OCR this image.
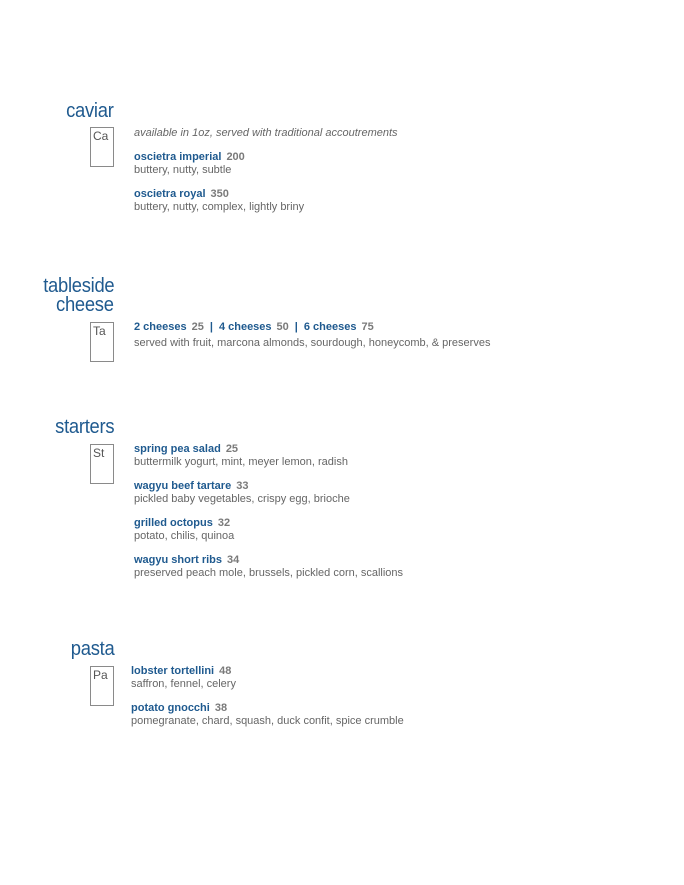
caviar
Ca available in 1oz, served with traditional accoutrements
oscietra imperial 200
buttery, nutty, subtle
oscietra royal 350
buttery, nutty, complex, lightly briny
tableside
cheese
Ta	2 cheeses 25 | 4 cheeses 50 | 6 cheeses 75
served with fruit, marcona almonds, sourdough, honeycomb, & preserves
starters
St	spring pea salad 25
buttermilk yogurt, mint, meyer lemon, radish
wagyu beef tartare 33
pickled baby vegetables, crispy egg, brioche
grilled octopus 32
potato, chilis, quinoa
wagyu short ribs 34
preserved peach mole, brussels, pickled corn, scallions
pasta
Pa lobster tortellini 48
saffron, fennel, celery
potato gnocchi 38
pomegranate, chard, squash, duck confit, spice crumble
